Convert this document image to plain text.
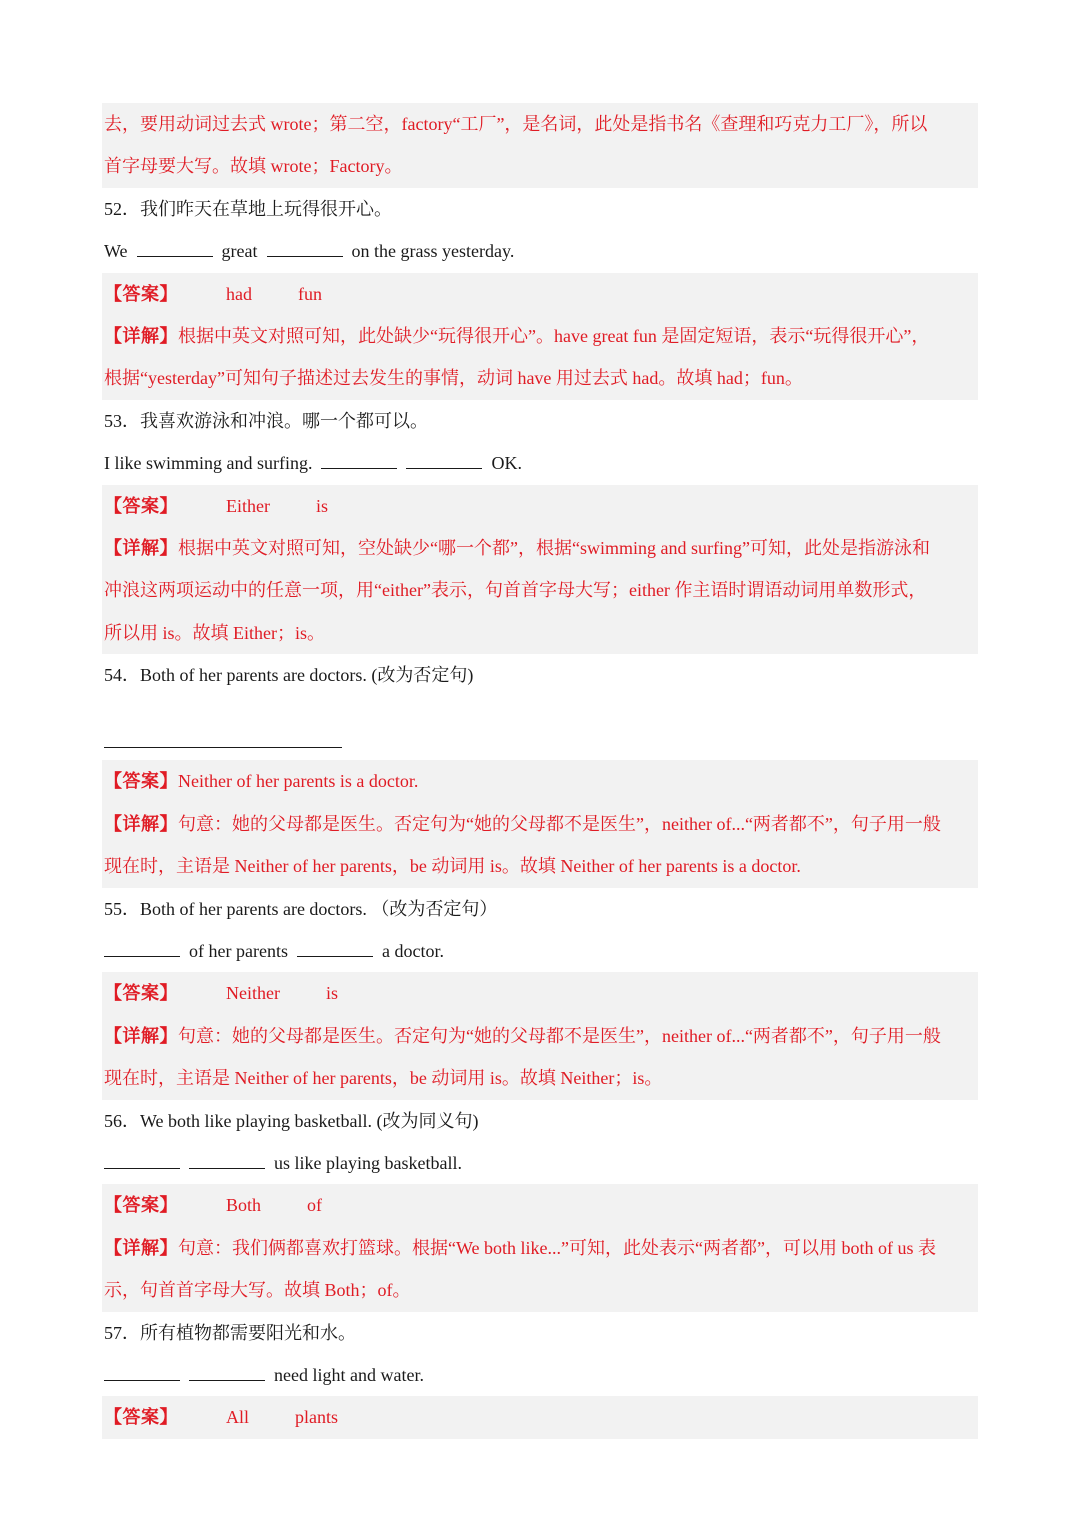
去，要用动词过去式 wrote；第二空，factory“工厂”，是名词，此处是指书名《查理和巧克力工厂》，所以
首字母要大写。故填 wrote；Factory。
52．我们昨天在草地上玩得很开心。
We	great	on the grass yesterday.
【答案】	had	fun
【详解】根据中英文对照可知，此处缺少“玩得很开心”。have great fun 是固定短语，表示“玩得很开心”，
根据“yesterday”可知句子描述过去发生的事情，动词 have 用过去式 had。故填 had；fun。
53．我喜欢游泳和冲浪。哪一个都可以。
I like swimming and surfing.	OK.
【答案】	Either	is
【详解】根据中英文对照可知，空处缺少“哪一个都”，根据“swimming and surfing”可知，此处是指游泳和
冲浪这两项运动中的任意一项，用“either”表示，句首首字母大写；either 作主语时谓语动词用单数形式，
所以用 is。故填 Either；is。
54．Both of her parents are doctors. (改为否定句)
【答案】Neither of her parents is a doctor.
【详解】句意：她的父母都是医生。否定句为“她的父母都不是医生”，neither of...“两者都不”，句子用一般
现在时，主语是 Neither of her parents，be 动词用 is。故填 Neither of her parents is a doctor.
55．Both of her parents are doctors. （改为否定句）
of her parents	a doctor.
【答案】	Neither	is
【详解】句意：她的父母都是医生。否定句为“她的父母都不是医生”，neither of...“两者都不”，句子用一般
现在时，主语是 Neither of her parents，be 动词用 is。故填 Neither；is。
56．We both like playing basketball. (改为同义句)
us like playing basketball.
【答案】	Both	of
【详解】句意：我们俩都喜欢打篮球。根据“We both like...”可知，此处表示“两者都”，可以用 both of us 表
示，句首首字母大写。故填 Both；of。
57．所有植物都需要阳光和水。
need light and water.
【答案】	All	plants
